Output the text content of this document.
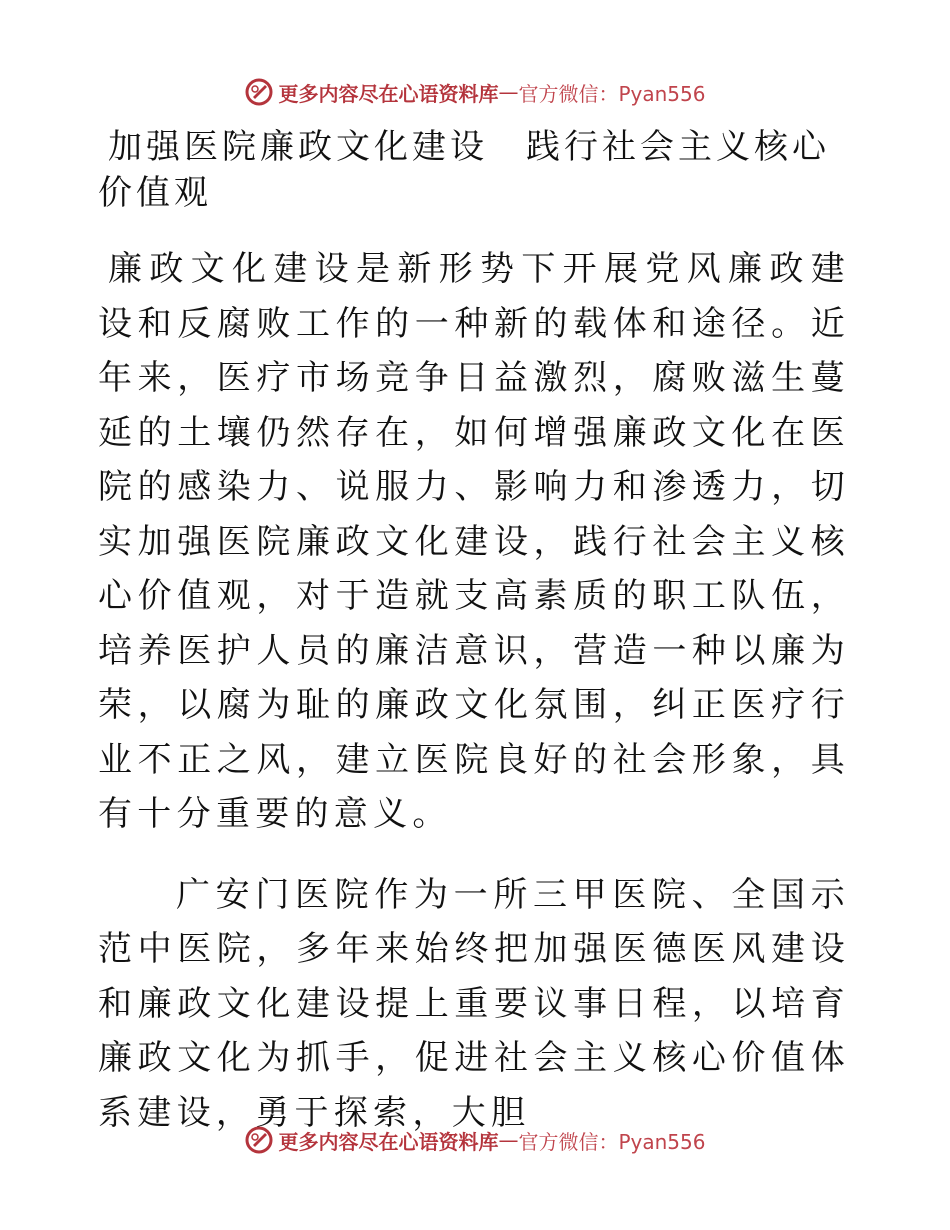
更多内容尽在心语资料库 — 官方微信：Pyan556
加强医院廉政文化建设　践行社会主义核心价值观

廉政文化建设是新形势下开展党风廉政建设和反腐败工作的一种新的载体和途径。近年来，医疗市场竞争日益激烈，腐败滋生蔓延的土壤仍然存在，如何增强廉政文化在医院的感染力、说服力、影响力和渗透力，切实加强医院廉政文化建设，践行社会主义核心价值观，对于造就支高素质的职工队伍，培养医护人员的廉洁意识，营造一种以廉为荣，以腐为耻的廉政文化氛围，纠正医疗行业不正之风，建立医院良好的社会形象，具有十分重要的意义。

广安门医院作为一所三甲医院、全国示范中医院，多年来始终把加强医德医风建设和廉政文化建设提上重要议事日程，以培育廉政文化为抓手，促进社会主义核心价值体系建设，勇于探索，大胆

更多内容尽在心语资料库 — 官方微信：Pyan556
